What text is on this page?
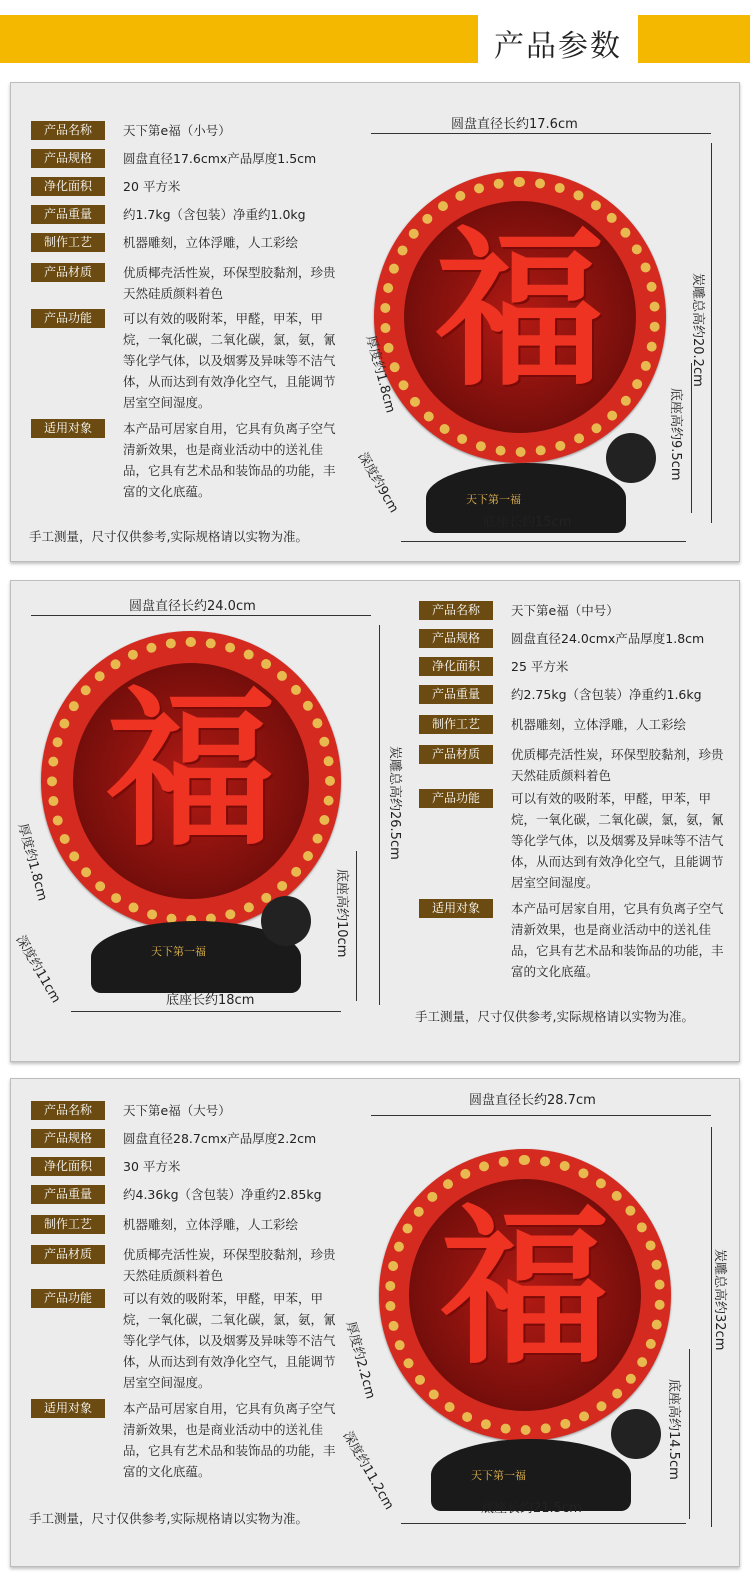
产品参数
产品名称	天下第e福（小号）
产品规格	圆盘直径17.6cmx产品厚度1.5cm
净化面积	20 平方米
产品重量	约1.7kg（含包装）净重约1.0kg
制作工艺	机器雕刻，立体浮雕，人工彩绘
产品材质	优质椰壳活性炭，环保型胶黏剂，珍贵天然硅质颜料着色
产品功能	可以有效的吸附苯，甲醛，甲苯，甲烷，一氧化碳，二氧化碳，氯，氨，氰等化学气体，以及烟雾及异味等不洁气体，从而达到有效净化空气，且能调节居室空间湿度。
适用对象	本产品可居家自用，它具有负离子空气清新效果，也是商业活动中的送礼佳品，它具有艺术品和装饰品的功能，丰富的文化底蕴。
手工测量，尺寸仅供参考,实际规格请以实物为准。
福
天下第一福
圆盘直径长约17.6cm
炭雕总高约20.2cm
厚度约1.8cm
深度约9cm
底座高约9.5cm
底座长约15cm
福
天下第一福
圆盘直径长约24.0cm
炭雕总高约26.5cm
厚度约1.8cm
深度约11cm
底座高约10cm
底座长约18cm
产品名称	天下第e福（中号）
产品规格	圆盘直径24.0cmx产品厚度1.8cm
净化面积	25 平方米
产品重量	约2.75kg（含包装）净重约1.6kg
制作工艺	机器雕刻，立体浮雕，人工彩绘
产品材质	优质椰壳活性炭，环保型胶黏剂，珍贵天然硅质颜料着色
产品功能	可以有效的吸附苯，甲醛，甲苯，甲烷，一氧化碳，二氧化碳，氯，氨，氰等化学气体，以及烟雾及异味等不洁气体，从而达到有效净化空气，且能调节居室空间湿度。
适用对象	本产品可居家自用，它具有负离子空气清新效果，也是商业活动中的送礼佳品，它具有艺术品和装饰品的功能，丰富的文化底蕴。
手工测量，尺寸仅供参考,实际规格请以实物为准。
产品名称	天下第e福（大号）
产品规格	圆盘直径28.7cmx产品厚度2.2cm
净化面积	30 平方米
产品重量	约4.36kg（含包装）净重约2.85kg
制作工艺	机器雕刻，立体浮雕，人工彩绘
产品材质	优质椰壳活性炭，环保型胶黏剂，珍贵天然硅质颜料着色
产品功能	可以有效的吸附苯，甲醛，甲苯，甲烷，一氧化碳，二氧化碳，氯，氨，氰等化学气体，以及烟雾及异味等不洁气体，从而达到有效净化空气，且能调节居室空间湿度。
适用对象	本产品可居家自用，它具有负离子空气清新效果，也是商业活动中的送礼佳品，它具有艺术品和装饰品的功能，丰富的文化底蕴。
手工测量，尺寸仅供参考,实际规格请以实物为准。
福
天下第一福
圆盘直径长约28.7cm
炭雕总高约32cm
厚度约2.2cm
深度约11.2cm	底座高约14.5cm
底座长约21.5cm
